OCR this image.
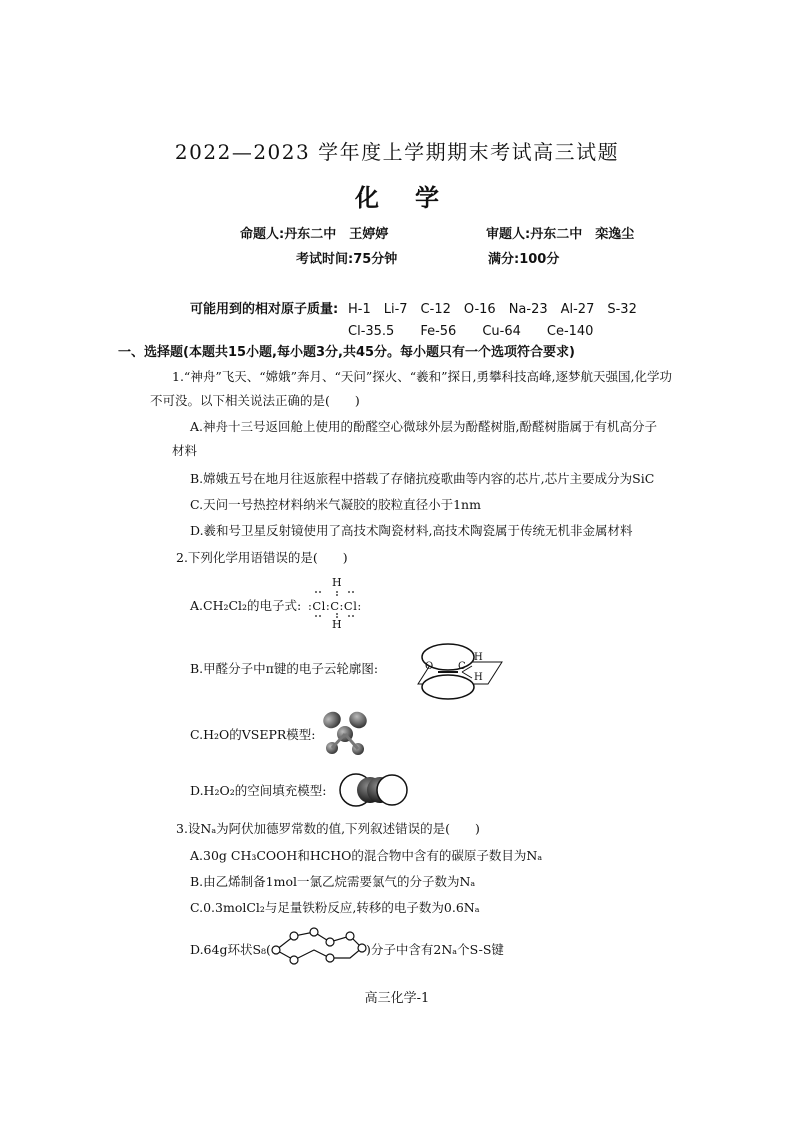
2022—2023 学年度上学期期末考试高三试题
化学
命题人:丹东二中　王婷婷	审题人:丹东二中　栾逸尘
考试时间:75分钟	满分:100分
可能用到的相对原子质量: H-1　Li-7　C-12　O-16　Na-23　Al-27　S-32
Cl-35.5　　Fe-56　　Cu-64　　Ce-140
一、选择题(本题共15小题,每小题3分,共45分。每小题只有一个选项符合要求)
1.“神舟”飞天、“嫦娥”奔月、“天问”探火、“羲和”探日,勇攀科技高峰,逐梦航天强国,化学功
不可没。以下相关说法正确的是(　　)
A.神舟十三号返回舱上使用的酚醛空心微球外层为酚醛树脂,酚醛树脂属于有机高分子
材料
B.嫦娥五号在地月往返旅程中搭载了存储抗疫歌曲等内容的芯片,芯片主要成分为SiC
C.天问一号热控材料纳米气凝胶的胶粒直径小于1nm
D.羲和号卫星反射镜使用了高技术陶瓷材料,高技术陶瓷属于传统无机非金属材料
2.下列化学用语错误的是(　　)
A.CH₂Cl₂的电子式:
H
:Cl:C:Cl:
H
B.甲醛分子中π键的电子云轮廓图:	O C
H
H
C.H₂O的VSEPR模型:
D.H₂O₂的空间填充模型:
3.设Nₐ为阿伏加德罗常数的值,下列叙述错误的是(　　)
A.30g CH₃COOH和HCHO的混合物中含有的碳原子数目为Nₐ
B.由乙烯制备1mol一氯乙烷需要氯气的分子数为Nₐ
C.0.3molCl₂与足量铁粉反应,转移的电子数为0.6Nₐ
D.64g环状S₈(	)分子中含有2Nₐ个S-S键
高三化学-1
